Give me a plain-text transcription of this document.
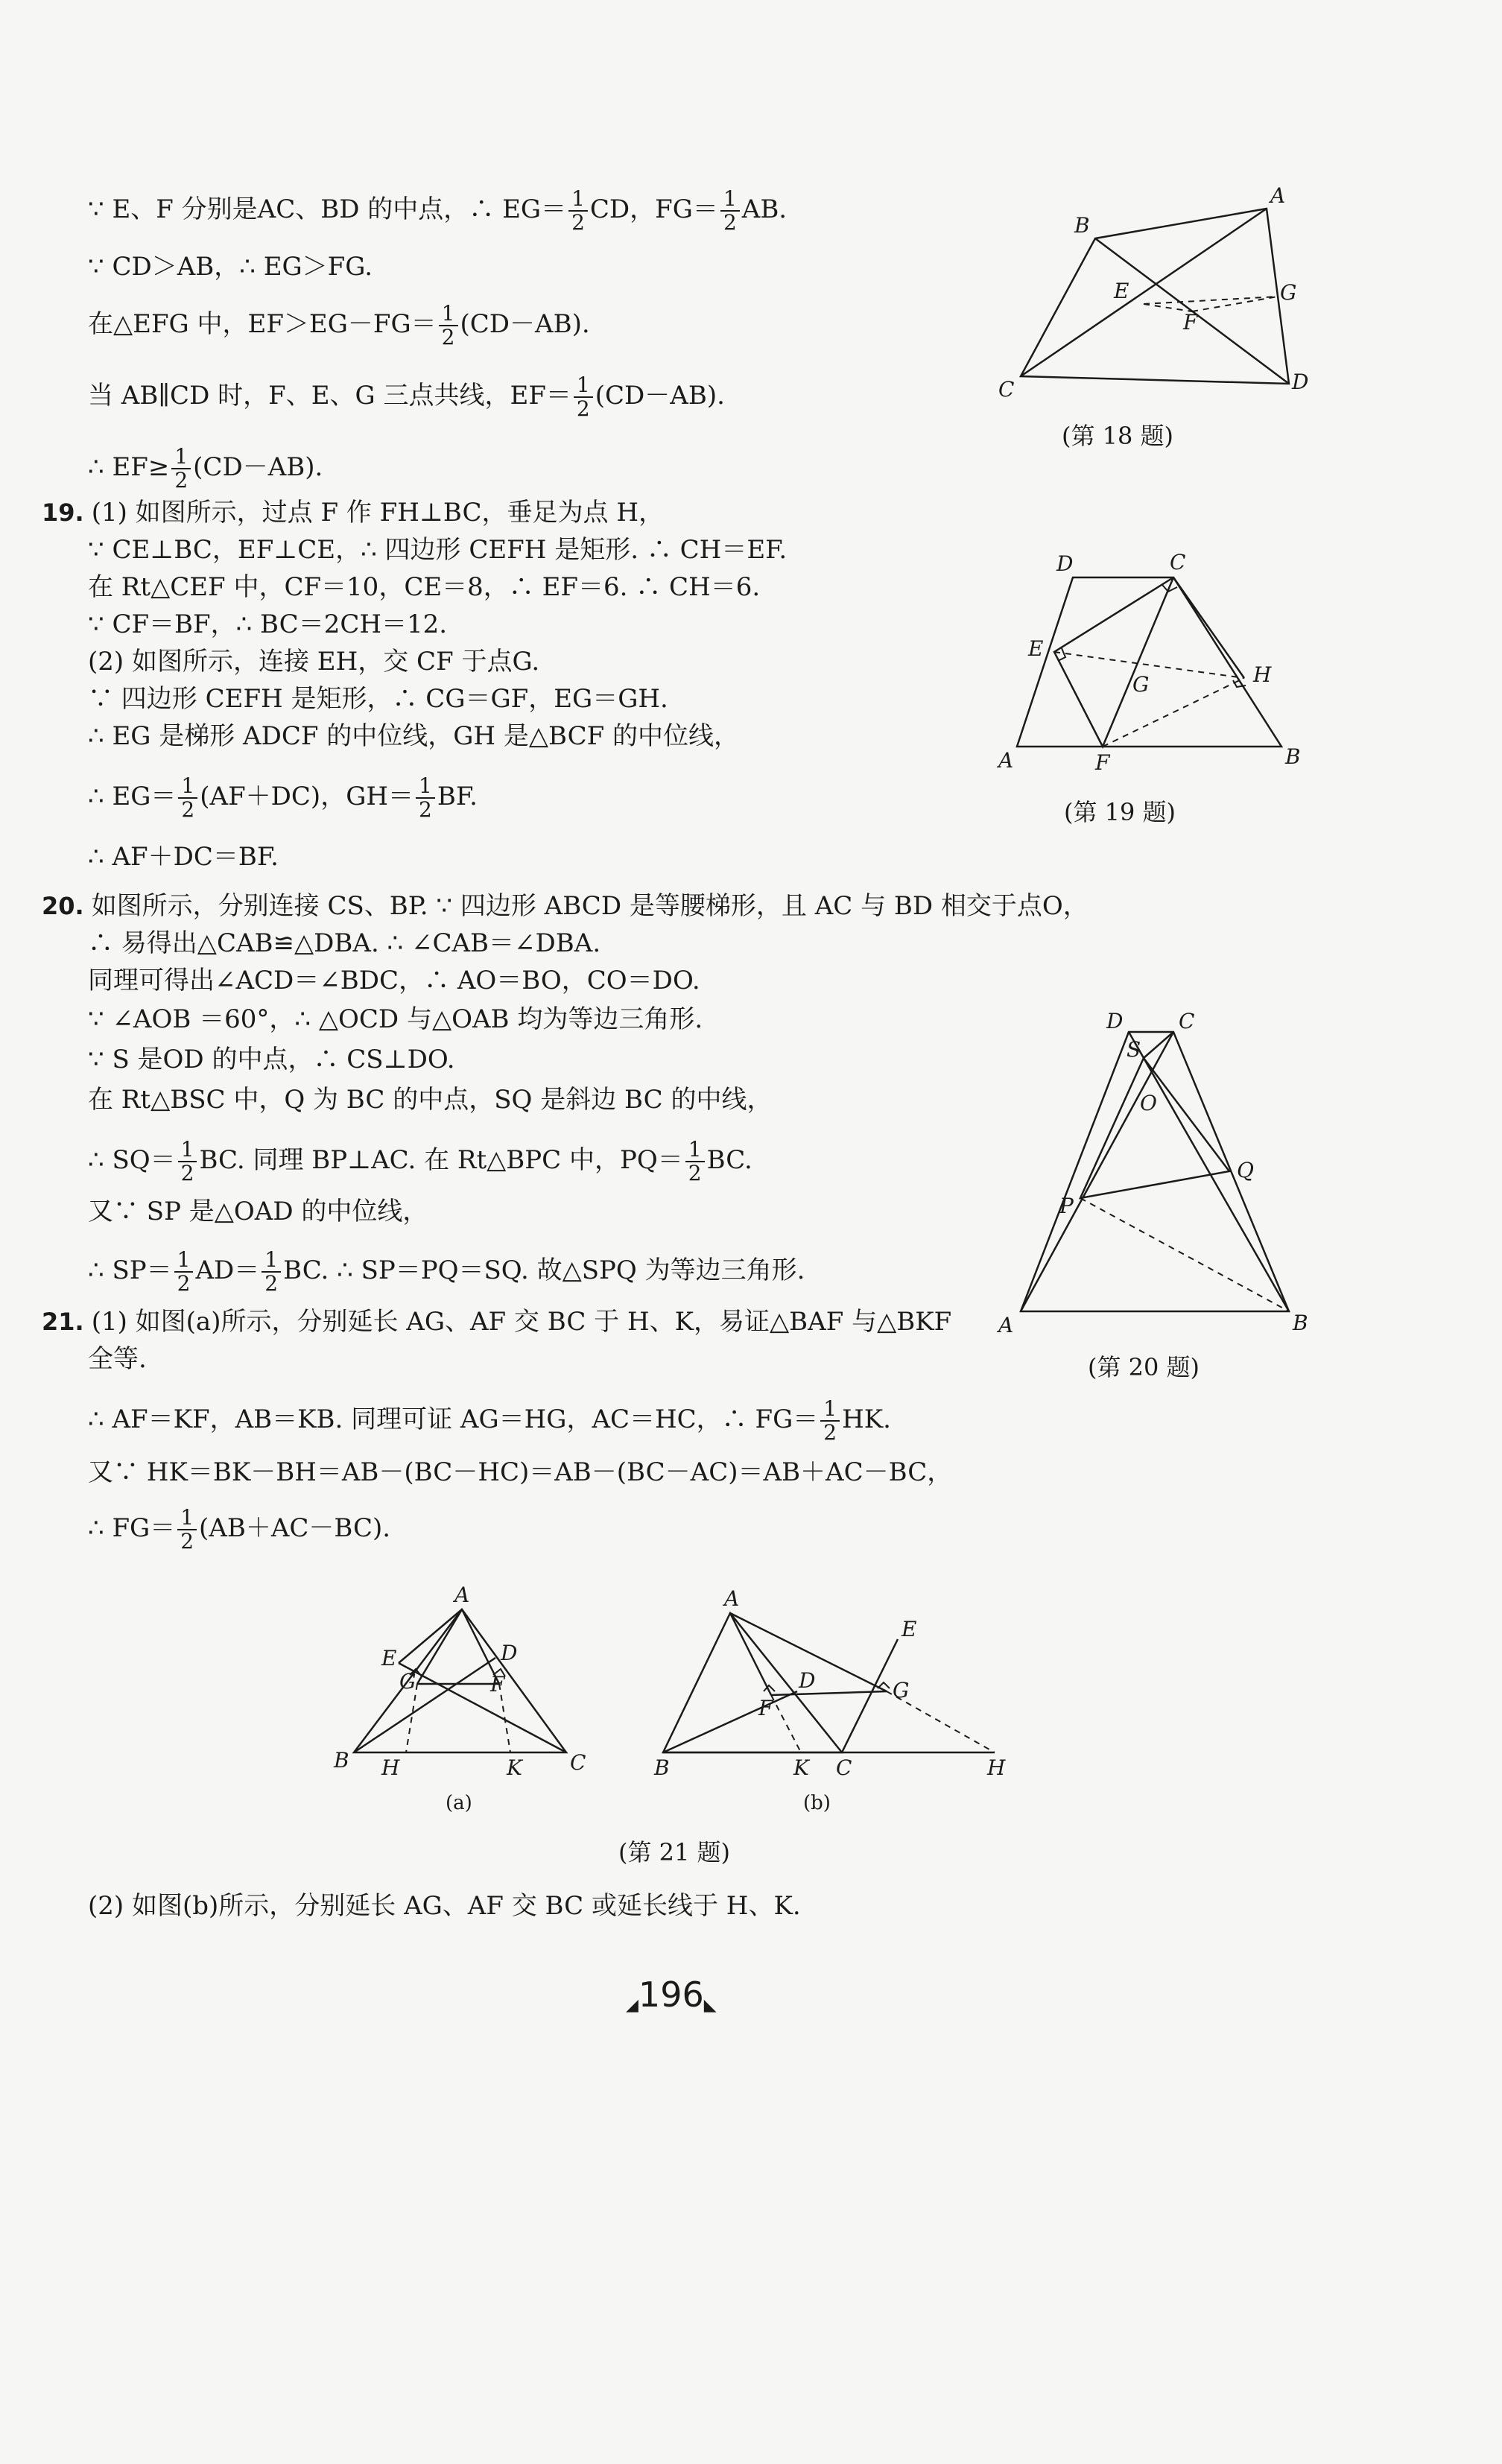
∵ E、F 分别是AC、BD 的中点，∴ $EG= \frac{1}{2}$ CD，$FG= \frac{1}{2}$ AB.
∵ CD＞AB，∴ EG＞FG.
在△EFG 中，$EF>EG-FG= \frac{1}{2} (CD-AB)$.
当 AB∥CD 时，F、E、G 三点共线，$EF= \frac{1}{2} (CD-AB)$.
∴ $EF\ge \frac{1}{2} (CD-AB)$.
B
A
G
E
F
C	D
(第 18 题)
19. (1) 如图所示，过点 F 作 FH⊥BC，垂足为点 H，
∵ CE⊥BC，EF⊥CE，∴ 四边形 CEFH 是矩形. ∴ CH＝EF.
在 Rt△CEF 中，CF＝10，CE＝8，∴ EF＝6. ∴ CH＝6.
∵ CF＝BF，∴ BC＝2CH＝12.
(2) 如图所示，连接 EH，交 CF 于点G.
∵ 四边形 CEFH 是矩形，∴ CG＝GF，EG＝GH.
∴ EG 是梯形 ADCF 的中位线，GH 是△BCF 的中位线，
∴ $EG= \frac{1}{2} (AF+DC)$，$GH= \frac{1}{2}$ BF.
∴ AF＋DC＝BF.
D	C
E
G	H
A	F	B
(第 19 题)
20. 如图所示，分别连接 CS、BP. ∵ 四边形 ABCD 是等腰梯形，且 AC 与 BD 相交于点O，
∴ 易得出△CAB≌△DBA. ∴ ∠CAB＝∠DBA.
同理可得出∠ACD＝∠BDC，∴ AO＝BO，CO＝DO.
∵ ∠AOB ＝60°，∴ △OCD 与△OAB 均为等边三角形.
∵ S 是OD 的中点，∴ CS⊥DO.
在 Rt△BSC 中，Q 为 BC 的中点，SQ 是斜边 BC 的中线，
∴ $SQ= \frac{1}{2}$ BC. 同理 BP⊥AC. 在 Rt△BPC 中，$PQ= \frac{1}{2}$ BC.
又∵ SP 是△OAD 的中位线，
∴ $SP= \frac{1}{2} AD= \frac{1}{2}$ BC. ∴ SP＝PQ＝SQ. 故△SPQ 为等边三角形.
D	C
S
O
Q
P
A	B
(第 20 题)
21. (1) 如图(a)所示，分别延长 AG、AF 交 BC 于 H、K，易证△BAF 与△BKF
全等.
∴ AF＝KF，AB＝KB. 同理可证 AG＝HG，AC＝HC，∴ $FG= \frac{1}{2}$ HK.
又∵ HK＝BK－BH＝AB－(BC－HC)＝AB－(BC－AC)＝AB＋AC－BC，
∴ $FG= \frac{1}{2} (AB+AC-BC)$.
A
E
G
D
F
B H	K C
(a)
A
E
D	G
F
B	K C	H
(b)
(第 21 题)
(2) 如图(b)所示，分别延长 AG、AF 交 BC 或延长线于 H、K.
◢196◣
